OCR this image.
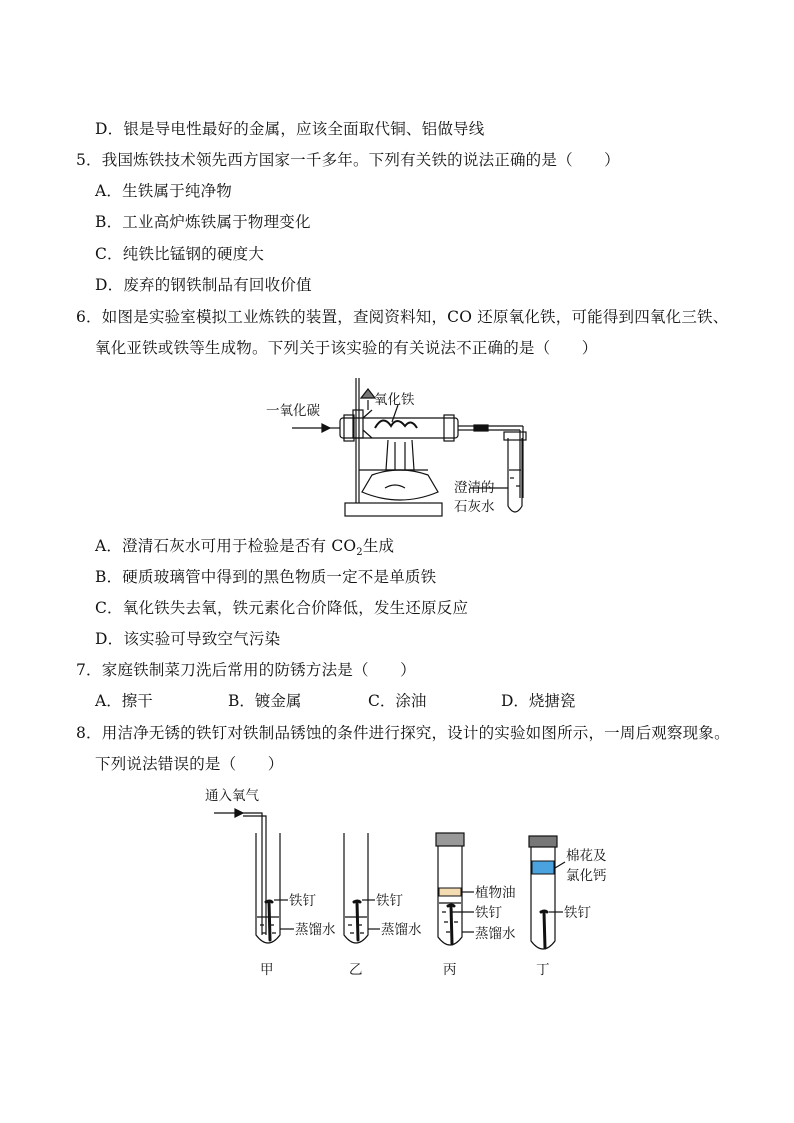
D．银是导电性最好的金属，应该全面取代铜、铝做导线
5．我国炼铁技术领先西方国家一千多年。下列有关铁的说法正确的是（　　）
A．生铁属于纯净物
B．工业高炉炼铁属于物理变化
C．纯铁比锰钢的硬度大
D．废弃的钢铁制品有回收价值
6．如图是实验室模拟工业炼铁的装置，查阅资料知，CO 还原氧化铁，可能得到四氧化三铁、
氧化亚铁或铁等生成物。下列关于该实验的有关说法不正确的是（　　）
一氧化碳
氧化铁
澄清的
石灰水
A．澄清石灰水可用于检验是否有 $CO_2$生成
B．硬质玻璃管中得到的黑色物质一定不是单质铁
C．氧化铁失去氧，铁元素化合价降低，发生还原反应
D．该实验可导致空气污染
7．家庭铁制菜刀洗后常用的防锈方法是（　　）
A．擦干	B．镀金属	C．涂油	D．烧搪瓷
8．用洁净无锈的铁钉对铁制品锈蚀的条件进行探究，设计的实验如图所示，一周后观察现象。
下列说法错误的是（　　）
通入氧气
铁钉
蒸馏水
铁钉
蒸馏水
植物油
铁钉
蒸馏水
棉花及
氯化钙
铁钉
甲	乙	丙	丁
